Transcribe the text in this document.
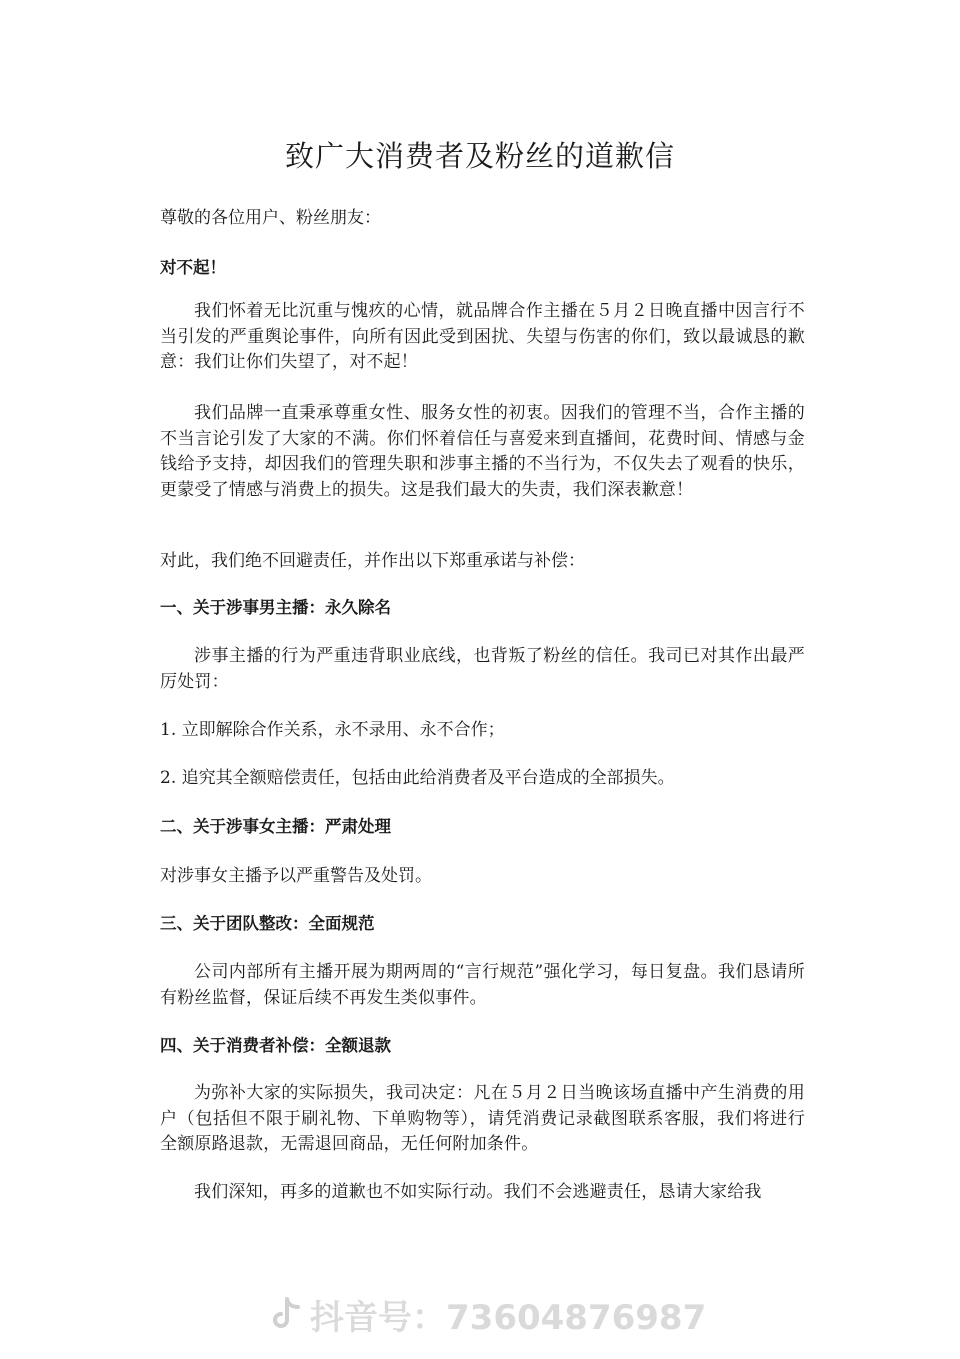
致广大消费者及粉丝的道歉信
尊敬的各位用户、粉丝朋友：
对不起！
我们怀着无比沉重与愧疚的心情，就品牌合作主播在５月２日晚直播中因言行不当引发的严重舆论事件，向所有因此受到困扰、失望与伤害的你们，致以最诚恳的歉意：我们让你们失望了，对不起！
我们品牌一直秉承尊重女性、服务女性的初衷。因我们的管理不当，合作主播的不当言论引发了大家的不满。你们怀着信任与喜爱来到直播间，花费时间、情感与金钱给予支持，却因我们的管理失职和涉事主播的不当行为，不仅失去了观看的快乐，更蒙受了情感与消费上的损失。这是我们最大的失责，我们深表歉意！
对此，我们绝不回避责任，并作出以下郑重承诺与补偿：
一、关于涉事男主播：永久除名
涉事主播的行为严重违背职业底线，也背叛了粉丝的信任。我司已对其作出最严厉处罚：
1. 立即解除合作关系，永不录用、永不合作；
2. 追究其全额赔偿责任，包括由此给消费者及平台造成的全部损失。
二、关于涉事女主播：严肃处理
对涉事女主播予以严重警告及处罚。
三、关于团队整改：全面规范
公司内部所有主播开展为期两周的“言行规范”强化学习，每日复盘。我们恳请所有粉丝监督，保证后续不再发生类似事件。
四、关于消费者补偿：全额退款
为弥补大家的实际损失，我司决定：凡在５月２日当晚该场直播中产生消费的用户（包括但不限于刷礼物、下单购物等），请凭消费记录截图联系客服，我们将进行全额原路退款，无需退回商品，无任何附加条件。
我们深知，再多的道歉也不如实际行动。我们不会逃避责任，恳请大家给我
抖音号：73604876987
